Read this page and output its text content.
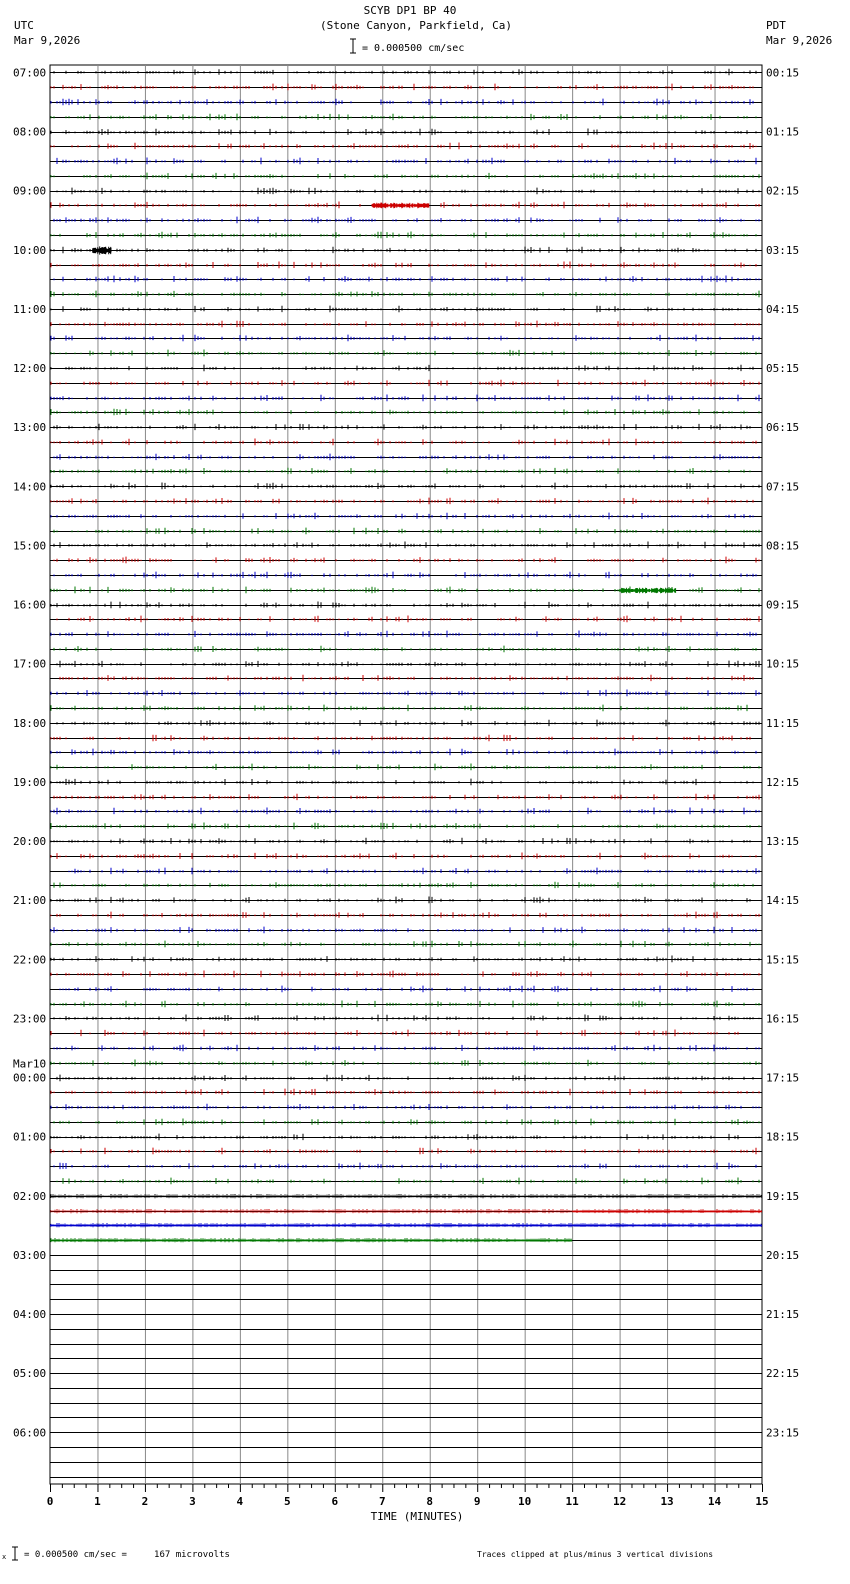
SCYB DP1 BP 40
(Stone Canyon, Parkfield, Ca)
UTC
Mar 9,2026
PDT
Mar 9,2026
= 0.000500 cm/sec
07:00
08:00
09:00
10:00
11:00
12:00
13:00
14:00
15:00
16:00
17:00
18:00
19:00
20:00
21:00
22:00
23:00
00:00
Mar10
01:00
02:00
03:00
04:00
05:00
06:00
00:15
01:15
02:15
03:15
04:15
05:15
06:15
07:15
08:15
09:15
10:15
11:15
12:15
13:15
14:15
15:15
16:15
17:15
18:15
19:15
20:15
21:15
22:15
23:15
0	1	2	3	4	5	6	7	8	9	10	11	12	13	14	15
TIME (MINUTES)
x = 0.000500 cm/sec =     167 microvolts	Traces clipped at plus/minus 3 vertical divisions
